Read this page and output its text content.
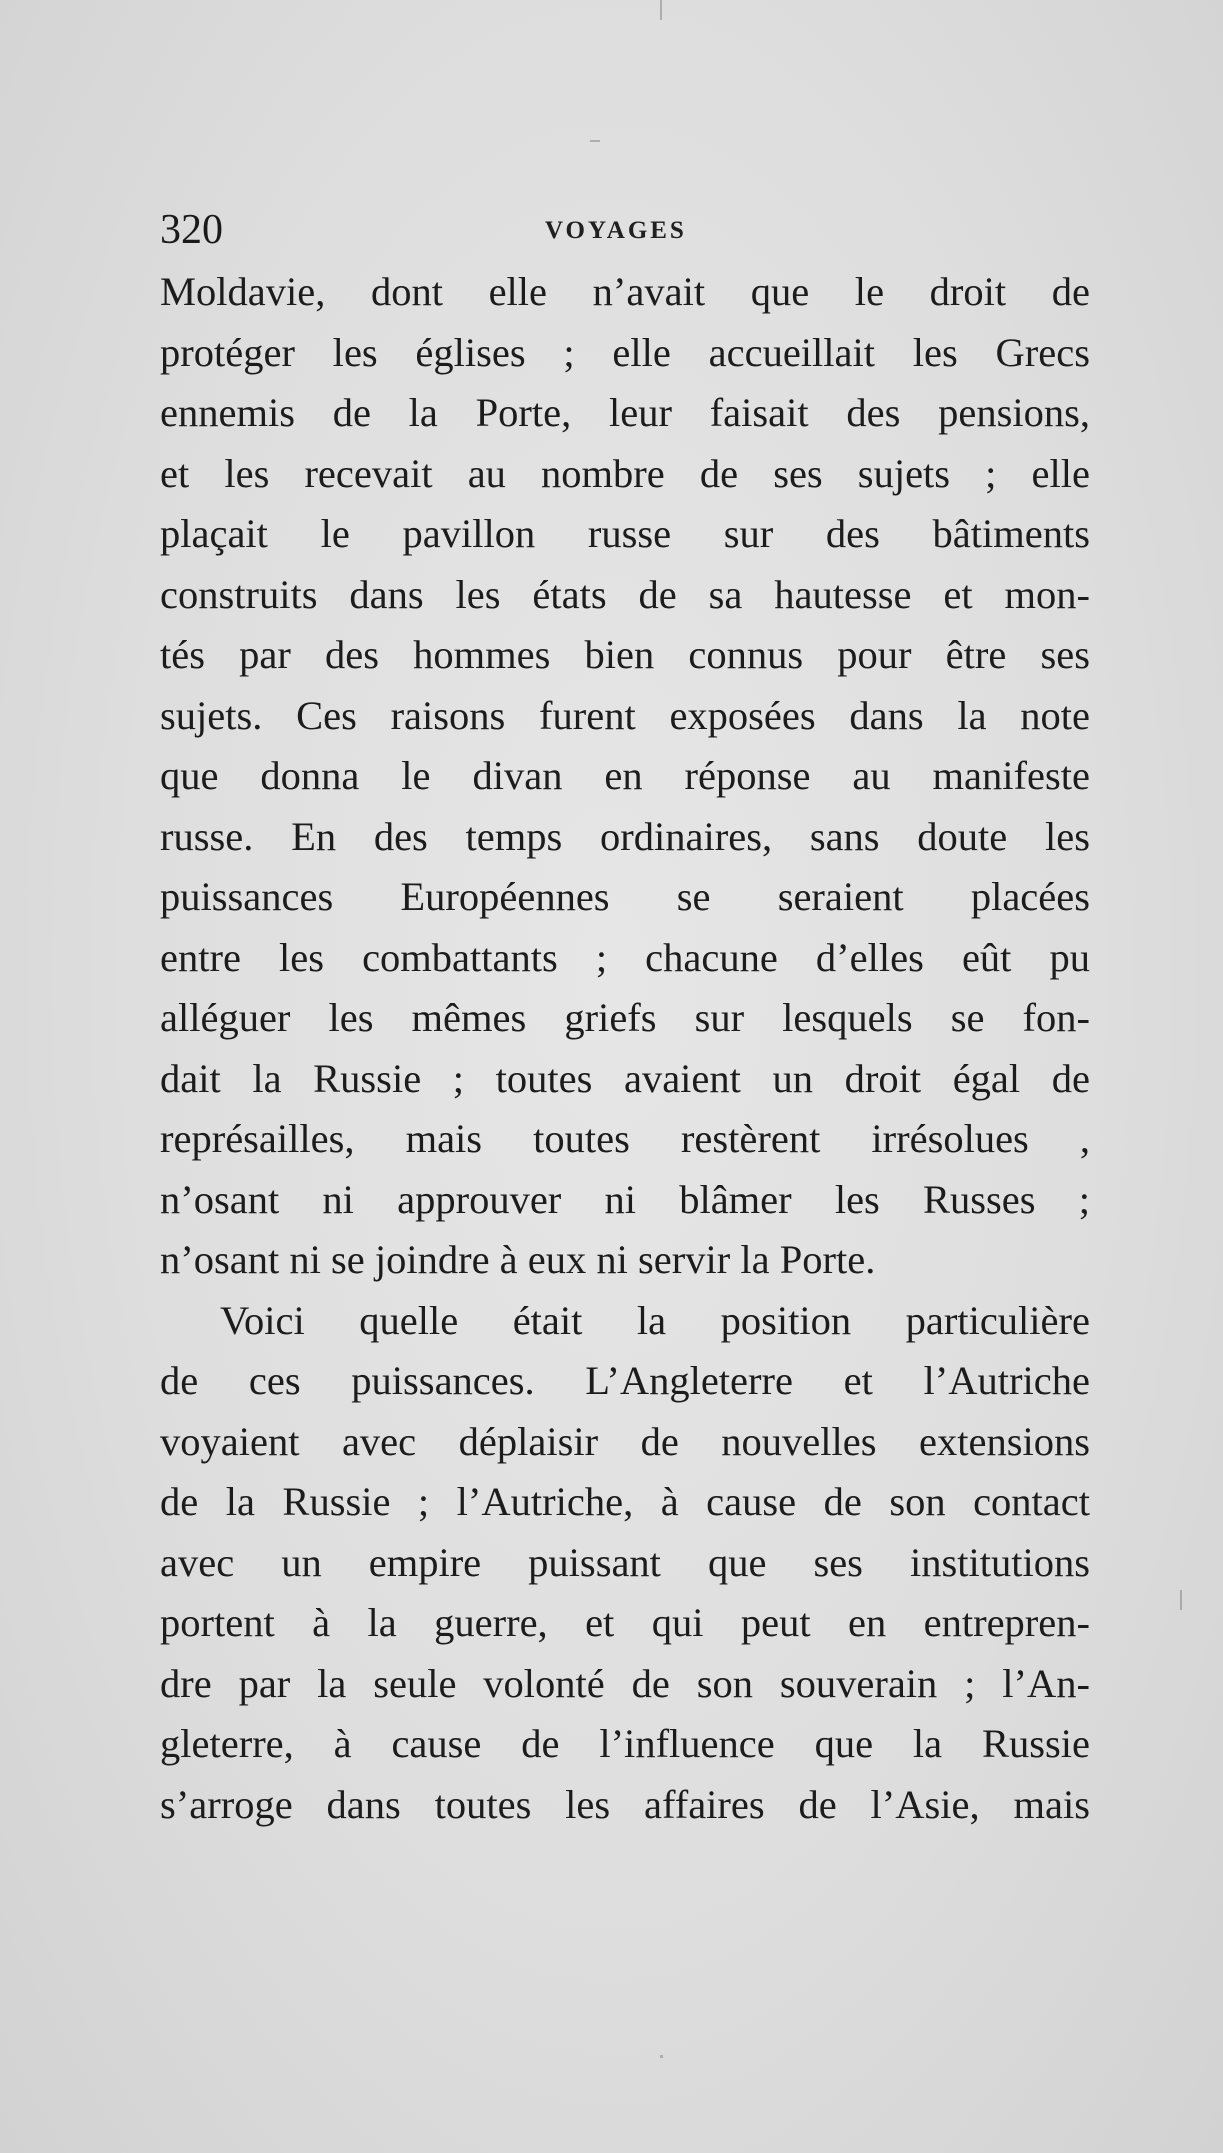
320	VOYAGES
Moldavie, dont elle n’avait que le droit de
protéger les églises ; elle accueillait les Grecs
ennemis de la Porte, leur faisait des pensions,
et les recevait au nombre de ses sujets ; elle
plaçait le pavillon russe sur des bâtiments
construits dans les états de sa hautesse et mon-
tés par des hommes bien connus pour être ses
sujets. Ces raisons furent exposées dans la note
que donna le divan en réponse au manifeste
russe. En des temps ordinaires, sans doute les
puissances Européennes se seraient placées
entre les combattants ; chacune d’elles eût pu
alléguer les mêmes griefs sur lesquels se fon-
dait la Russie ; toutes avaient un droit égal de
représailles, mais toutes restèrent irrésolues ,
n’osant ni approuver ni blâmer les Russes ;
n’osant ni se joindre à eux ni servir la Porte.
Voici quelle était la position particulière
de ces puissances. L’Angleterre et l’Autriche
voyaient avec déplaisir de nouvelles extensions
de la Russie ; l’Autriche, à cause de son contact
avec un empire puissant que ses institutions
portent à la guerre, et qui peut en entrepren-
dre par la seule volonté de son souverain ; l’An-
gleterre, à cause de l’influence que la Russie
s’arroge dans toutes les affaires de l’Asie, mais
